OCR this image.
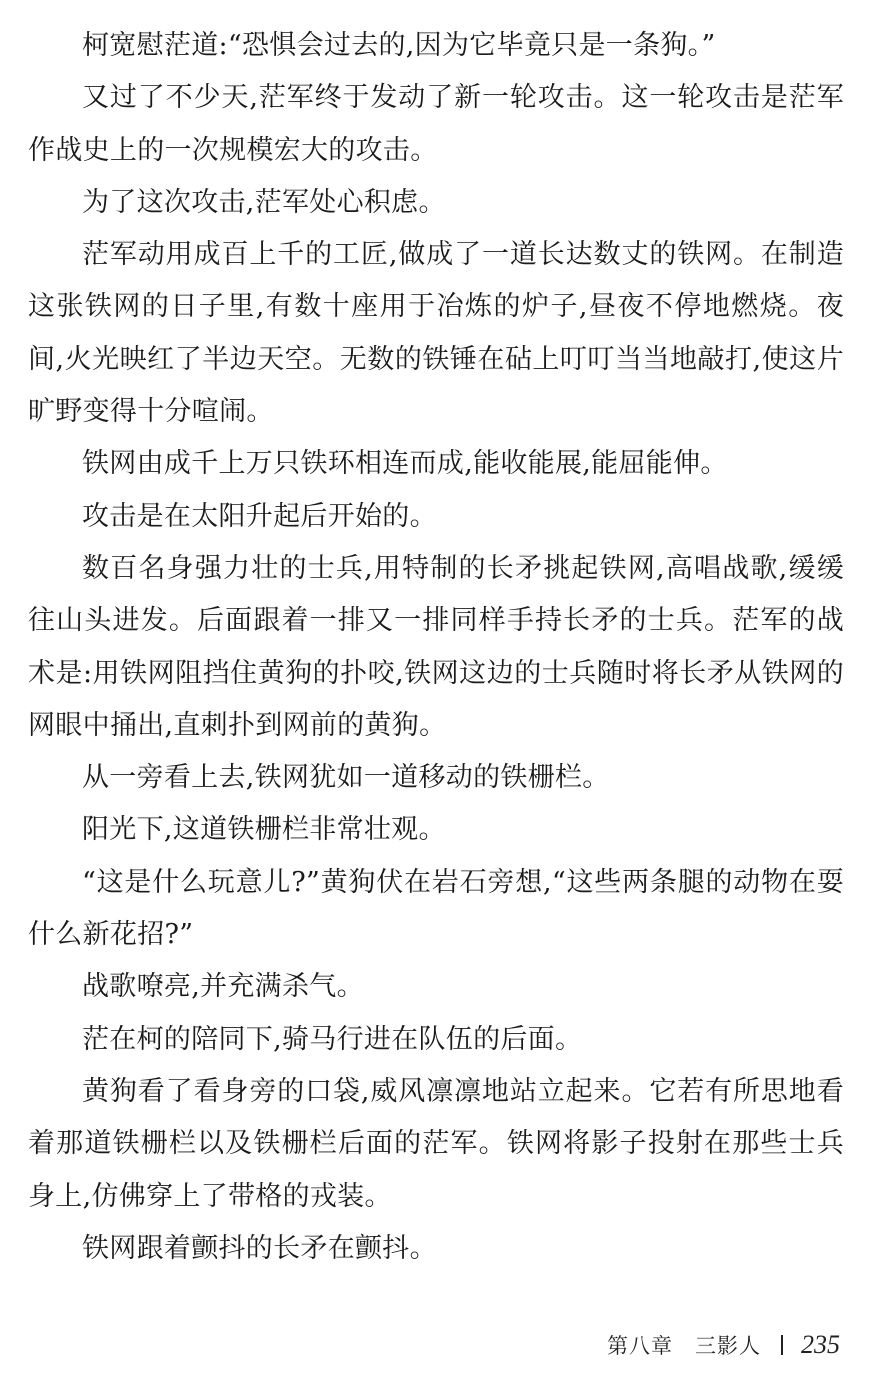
柯宽慰茫道:“恐惧会过去的,因为它毕竟只是一条狗。”

又过了不少天,茫军终于发动了新一轮攻击。这一轮攻击是茫军作战史上的一次规模宏大的攻击。

为了这次攻击,茫军处心积虑。

茫军动用成百上千的工匠,做成了一道长达数丈的铁网。在制造这张铁网的日子里,有数十座用于冶炼的炉子,昼夜不停地燃烧。夜间,火光映红了半边天空。无数的铁锤在砧上叮叮当当地敲打,使这片旷野变得十分喧闹。

铁网由成千上万只铁环相连而成,能收能展,能屈能伸。

攻击是在太阳升起后开始的。

数百名身强力壮的士兵,用特制的长矛挑起铁网,高唱战歌,缓缓往山头进发。后面跟着一排又一排同样手持长矛的士兵。茫军的战术是:用铁网阻挡住黄狗的扑咬,铁网这边的士兵随时将长矛从铁网的网眼中捅出,直刺扑到网前的黄狗。

从一旁看上去,铁网犹如一道移动的铁栅栏。

阳光下,这道铁栅栏非常壮观。

“这是什么玩意儿?”黄狗伏在岩石旁想,“这些两条腿的动物在耍什么新花招?”

战歌嘹亮,并充满杀气。

茫在柯的陪同下,骑马行进在队伍的后面。

黄狗看了看身旁的口袋,威风凛凛地站立起来。它若有所思地看着那道铁栅栏以及铁栅栏后面的茫军。铁网将影子投射在那些士兵身上,仿佛穿上了带格的戎装。

铁网跟着颤抖的长矛在颤抖。

第八章 三影人 235
